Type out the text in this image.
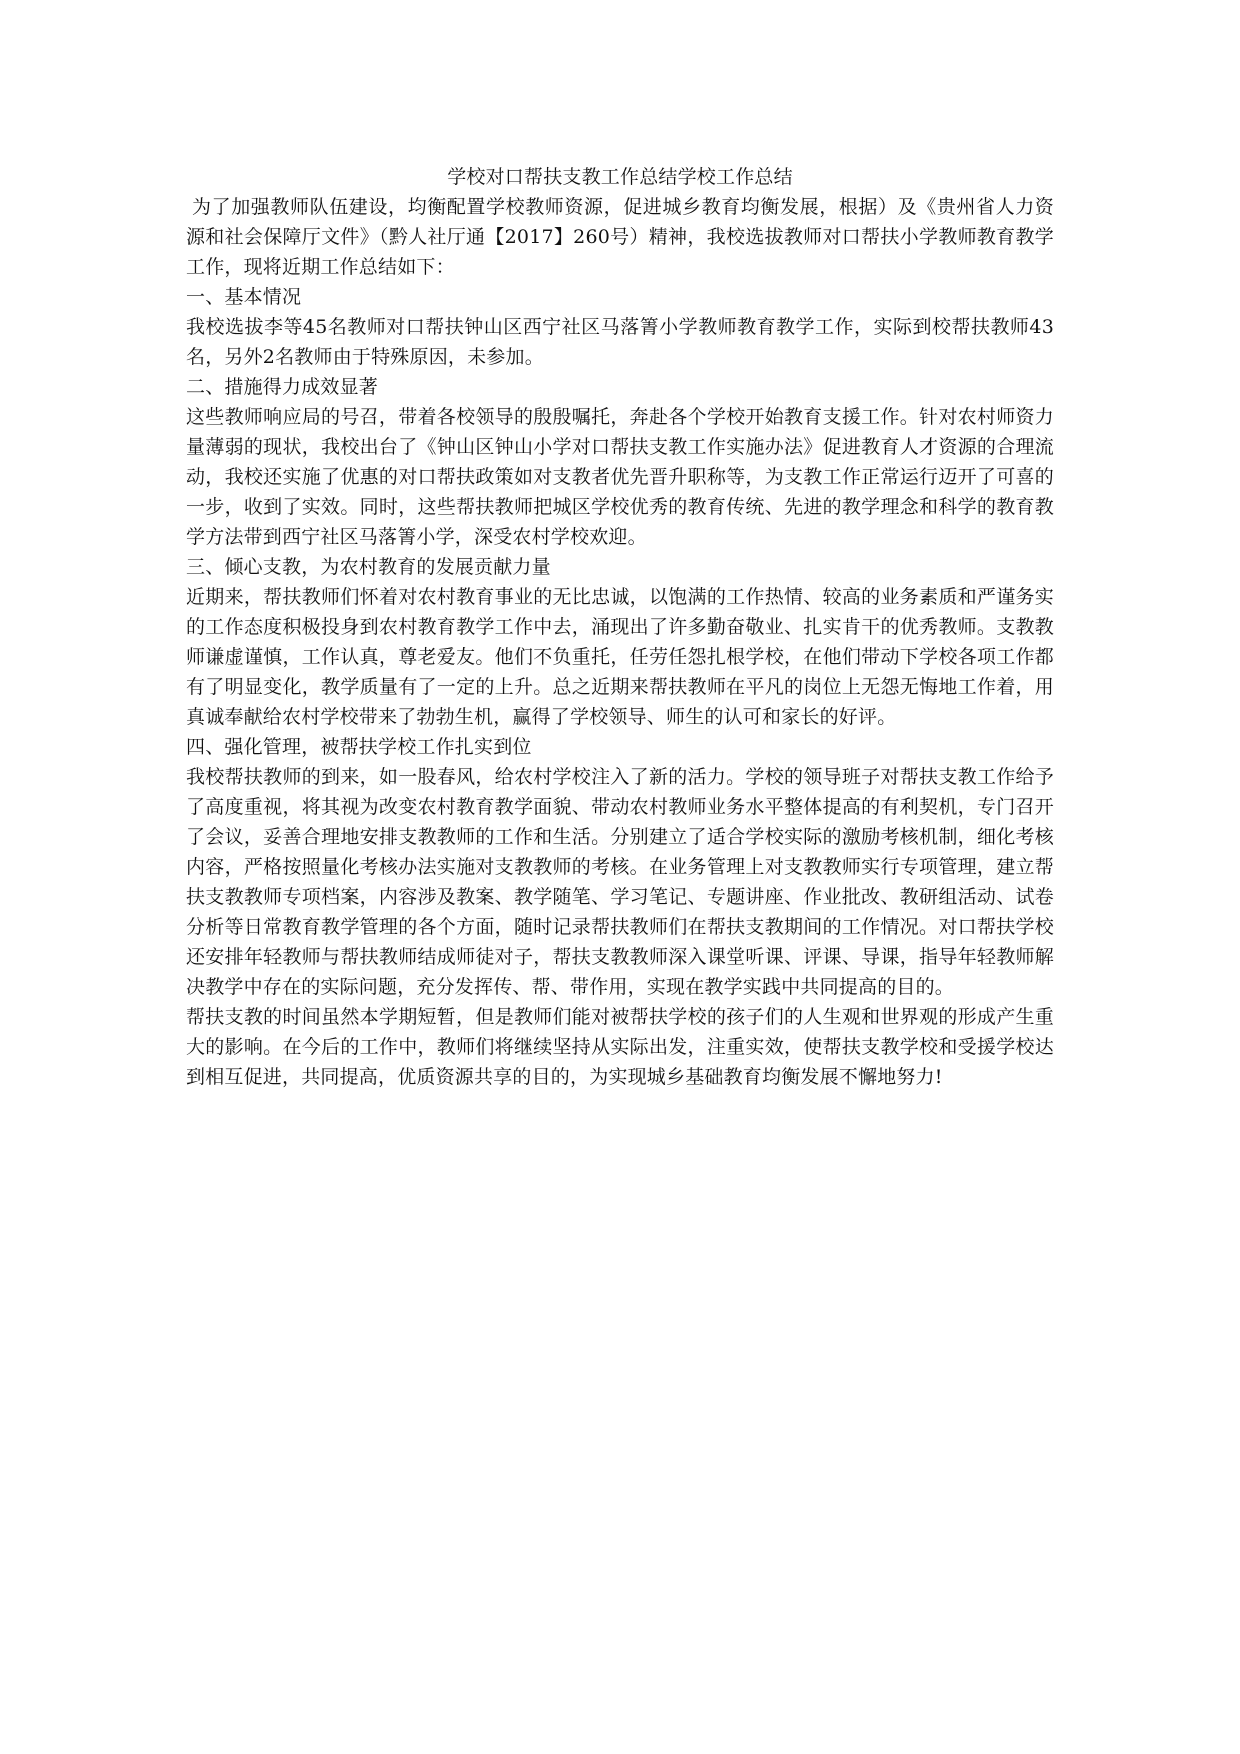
学校对口帮扶支教工作总结学校工作总结

为了加强教师队伍建设，均衡配置学校教师资源，促进城乡教育均衡发展，根据）及《贵州省人力资源和社会保障厅文件》（黔人社厅通【2017】260号）精神，我校选拔教师对口帮扶小学教师教育教学工作，现将近期工作总结如下：

一、基本情况

我校选拔李等45名教师对口帮扶钟山区西宁社区马落箐小学教师教育教学工作，实际到校帮扶教师43名，另外2名教师由于特殊原因，未参加。

二、措施得力成效显著

这些教师响应局的号召，带着各校领导的殷殷嘱托，奔赴各个学校开始教育支援工作。针对农村师资力量薄弱的现状，我校出台了《钟山区钟山小学对口帮扶支教工作实施办法》促进教育人才资源的合理流动，我校还实施了优惠的对口帮扶政策如对支教者优先晋升职称等，为支教工作正常运行迈开了可喜的一步，收到了实效。同时，这些帮扶教师把城区学校优秀的教育传统、先进的教学理念和科学的教育教学方法带到西宁社区马落箐小学，深受农村学校欢迎。

三、倾心支教，为农村教育的发展贡献力量

近期来，帮扶教师们怀着对农村教育事业的无比忠诚，以饱满的工作热情、较高的业务素质和严谨务实的工作态度积极投身到农村教育教学工作中去，涌现出了许多勤奋敬业、扎实肯干的优秀教师。支教教师谦虚谨慎，工作认真，尊老爱友。他们不负重托，任劳任怨扎根学校，在他们带动下学校各项工作都有了明显变化，教学质量有了一定的上升。总之近期来帮扶教师在平凡的岗位上无怨无悔地工作着，用真诚奉献给农村学校带来了勃勃生机，赢得了学校领导、师生的认可和家长的好评。

四、强化管理，被帮扶学校工作扎实到位

我校帮扶教师的到来，如一股春风，给农村学校注入了新的活力。学校的领导班子对帮扶支教工作给予了高度重视，将其视为改变农村教育教学面貌、带动农村教师业务水平整体提高的有利契机，专门召开了会议，妥善合理地安排支教教师的工作和生活。分别建立了适合学校实际的激励考核机制，细化考核内容，严格按照量化考核办法实施对支教教师的考核。在业务管理上对支教教师实行专项管理，建立帮扶支教教师专项档案，内容涉及教案、教学随笔、学习笔记、专题讲座、作业批改、教研组活动、试卷分析等日常教育教学管理的各个方面，随时记录帮扶教师们在帮扶支教期间的工作情况。对口帮扶学校还安排年轻教师与帮扶教师结成师徒对子，帮扶支教教师深入课堂听课、评课、导课，指导年轻教师解决教学中存在的实际问题，充分发挥传、帮、带作用，实现在教学实践中共同提高的目的。

帮扶支教的时间虽然本学期短暂，但是教师们能对被帮扶学校的孩子们的人生观和世界观的形成产生重大的影响。在今后的工作中，教师们将继续坚持从实际出发，注重实效，使帮扶支教学校和受援学校达到相互促进，共同提高，优质资源共享的目的，为实现城乡基础教育均衡发展不懈地努力!
